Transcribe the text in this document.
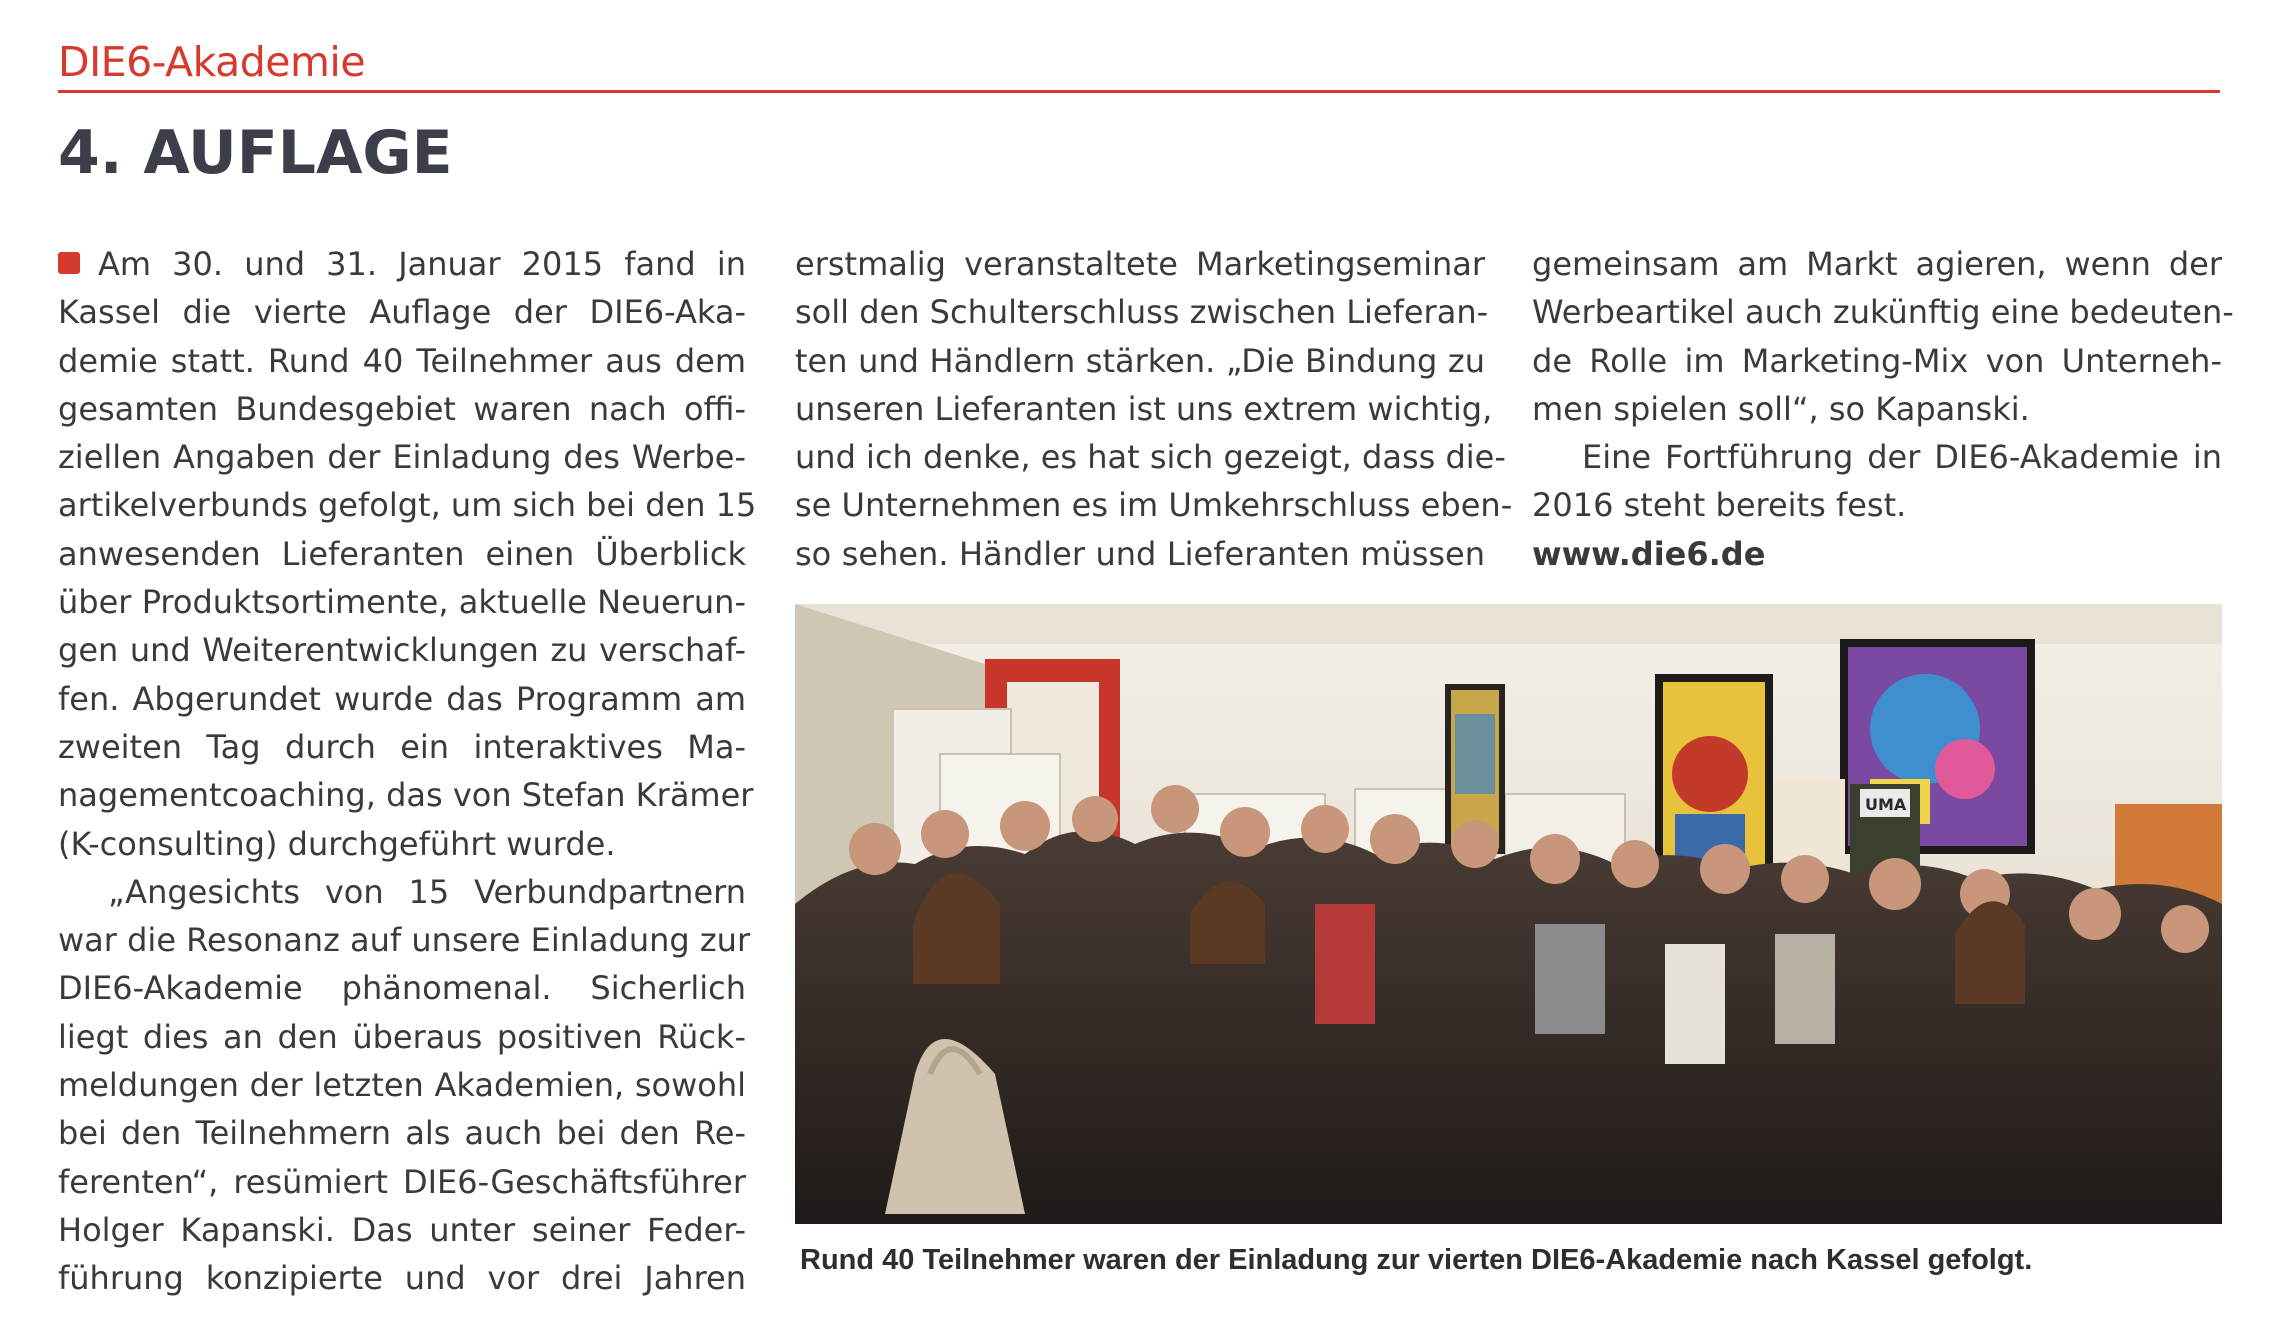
DIE6-Akademie
4. AUFLAGE
Am 30. und 31. Januar 2015 fand in
Kassel die vierte Auflage der DIE6-Aka-
demie statt. Rund 40 Teilnehmer aus dem
gesamten Bundesgebiet waren nach offi-
ziellen Angaben der Einladung des Werbe-
artikelverbunds gefolgt, um sich bei den 15
anwesenden Lieferanten einen Überblick
über Produktsortimente, aktuelle Neuerun-
gen und Weiterentwicklungen zu verschaf-
fen. Abgerundet wurde das Programm am
zweiten Tag durch ein interaktives Ma-
nagementcoaching, das von Stefan Krämer
(K-consulting) durchgeführt wurde.
„Angesichts von 15 Verbundpartnern
war die Resonanz auf unsere Einladung zur
DIE6-Akademie phänomenal. Sicherlich
liegt dies an den überaus positiven Rück-
meldungen der letzten Akademien, sowohl
bei den Teilnehmern als auch bei den Re-
ferenten“, resümiert DIE6-Geschäftsführer
Holger Kapanski. Das unter seiner Feder-
führung konzipierte und vor drei Jahren
erstmalig veranstaltete Marketingseminar
soll den Schulterschluss zwischen Lieferan-
ten und Händlern stärken. „Die Bindung zu
unseren Lieferanten ist uns extrem wichtig,
und ich denke, es hat sich gezeigt, dass die-
se Unternehmen es im Umkehrschluss eben-
so sehen. Händler und Lieferanten müssen
gemeinsam am Markt agieren, wenn der
Werbeartikel auch zukünftig eine bedeuten-
de Rolle im Marketing-Mix von Unterneh-
men spielen soll“, so Kapanski.
Eine Fortführung der DIE6-Akademie in
2016 steht bereits fest.
www.die6.de
UMA
Rund 40 Teilnehmer waren der Einladung zur vierten DIE6-Akademie nach Kassel gefolgt.
